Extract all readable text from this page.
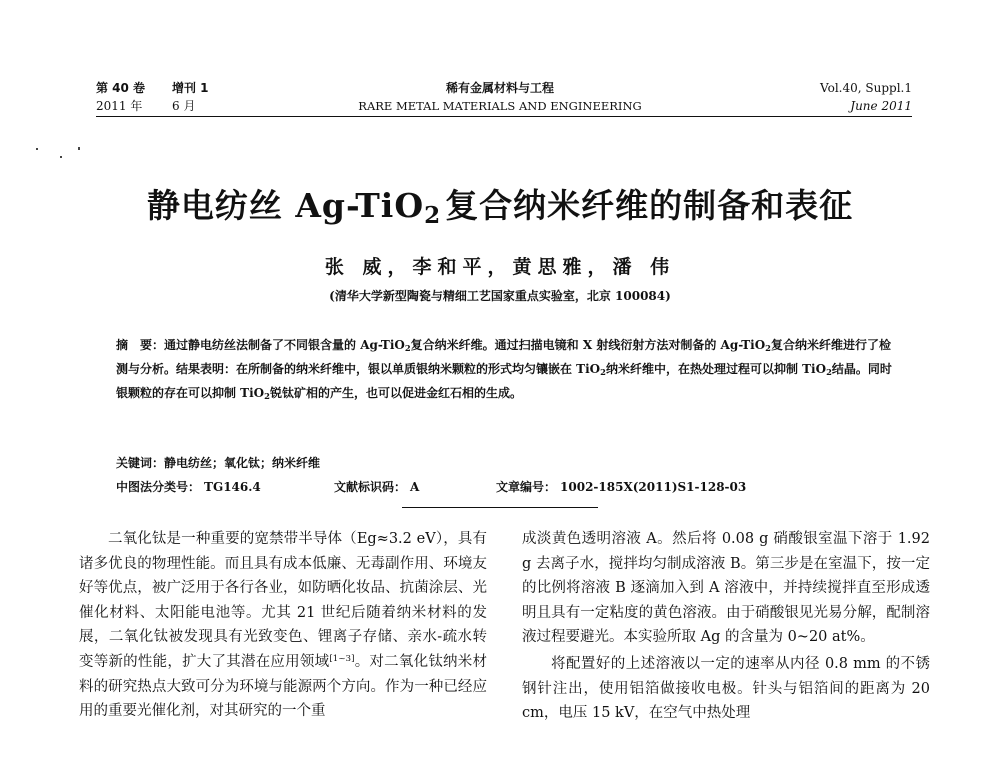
第 40 卷 增刊 1
2011 年 6 月
稀有金属材料与工程
RARE METAL MATERIALS AND ENGINEERING
Vol.40, Suppl.1
June 2011
静电纺丝 Ag-TiO$_2$ 复合纳米纤维的制备和表征
张 威，李和平，黄思雅，潘 伟
(清华大学新型陶瓷与精细工艺国家重点实验室，北京 100084)
摘　要：通过静电纺丝法制备了不同银含量的 Ag-TiO$_2$复合纳米纤维。通过扫描电镜和 X 射线衍射方法对制备的 Ag-TiO$_2$复合纳米纤维进行了检测与分析。结果表明：在所制备的纳米纤维中，银以单质银纳米颗粒的形式均匀镶嵌在 TiO$_2$纳米纤维中，在热处理过程可以抑制 TiO$_2$结晶。同时银颗粒的存在可以抑制 TiO$_2$锐钛矿相的产生，也可以促进金红石相的生成。
关键词：静电纺丝；氧化钛；纳米纤维
中图法分类号： TG146.4	文献标识码： A	文章编号： 1002-185X(2011)S1-128-03

二氧化钛是一种重要的宽禁带半导体（Eg≈3.2 eV），具有诸多优良的物理性能。而且具有成本低廉、无毒副作用、环境友好等优点，被广泛用于各行各业，如防晒化妆品、抗菌涂层、光催化材料、太阳能电池等。尤其 21 世纪后随着纳米材料的发展，二氧化钛被发现具有光致变色、锂离子存储、亲水-疏水转变等新的性能，扩大了其潜在应用领域[1~3]。对二氧化钛纳米材料的研究热点大致可分为环境与能源两个方向。作为一种已经应用的重要光催化剂，对其研究的一个重

成淡黄色透明溶液 A。然后将 0.08 g 硝酸银室温下溶于 1.92 g 去离子水，搅拌均匀制成溶液 B。第三步是在室温下，按一定的比例将溶液 B 逐滴加入到 A 溶液中，并持续搅拌直至形成透明且具有一定粘度的黄色溶液。由于硝酸银见光易分解，配制溶液过程要避光。本实验所取 Ag 的含量为 0~20 at%。

将配置好的上述溶液以一定的速率从内径 0.8 mm 的不锈钢针注出，使用铝箔做接收电极。针头与铝箔间的距离为 20 cm，电压 15 kV，在空气中热处理
